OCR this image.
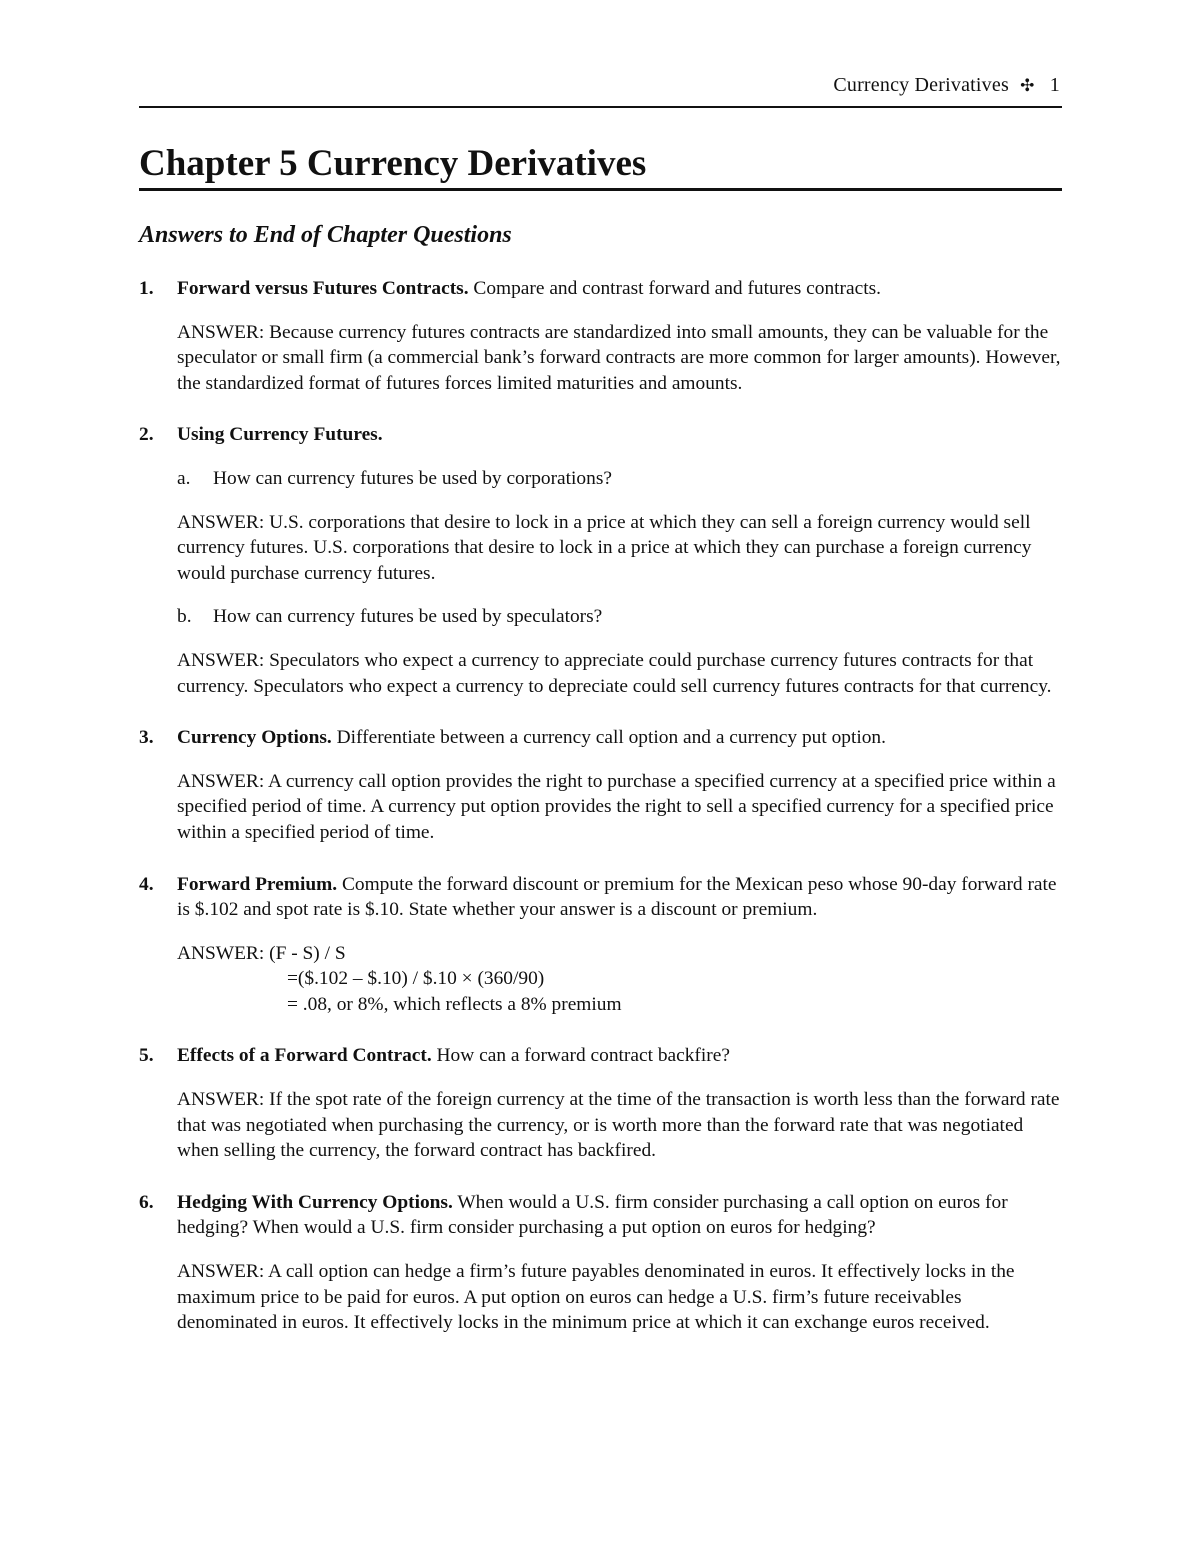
Currency Derivatives ✣ 1
Chapter 5 Currency Derivatives
Answers to End of Chapter Questions
1. Forward versus Futures Contracts. Compare and contrast forward and futures contracts.
ANSWER: Because currency futures contracts are standardized into small amounts, they can be valuable for the speculator or small firm (a commercial bank’s forward contracts are more common for larger amounts). However, the standardized format of futures forces limited maturities and amounts.
2. Using Currency Futures.
a. How can currency futures be used by corporations?
ANSWER: U.S. corporations that desire to lock in a price at which they can sell a foreign currency would sell currency futures. U.S. corporations that desire to lock in a price at which they can purchase a foreign currency would purchase currency futures.
b. How can currency futures be used by speculators?
ANSWER: Speculators who expect a currency to appreciate could purchase currency futures contracts for that currency. Speculators who expect a currency to depreciate could sell currency futures contracts for that currency.
3. Currency Options. Differentiate between a currency call option and a currency put option.
ANSWER: A currency call option provides the right to purchase a specified currency at a specified price within a specified period of time. A currency put option provides the right to sell a specified currency for a specified price within a specified period of time.
4. Forward Premium. Compute the forward discount or premium for the Mexican peso whose 90-day forward rate is $.102 and spot rate is $.10. State whether your answer is a discount or premium.
ANSWER: (F - S) / S
=($.102 – $.10) / $.10 × (360/90)
= .08, or 8%, which reflects a 8% premium
5. Effects of a Forward Contract. How can a forward contract backfire?
ANSWER: If the spot rate of the foreign currency at the time of the transaction is worth less than the forward rate that was negotiated when purchasing the currency, or is worth more than the forward rate that was negotiated when selling the currency, the forward contract has backfired.
6. Hedging With Currency Options. When would a U.S. firm consider purchasing a call option on euros for hedging? When would a U.S. firm consider purchasing a put option on euros for hedging?
ANSWER: A call option can hedge a firm’s future payables denominated in euros. It effectively locks in the maximum price to be paid for euros. A put option on euros can hedge a U.S. firm’s future receivables denominated in euros. It effectively locks in the minimum price at which it can exchange euros received.
